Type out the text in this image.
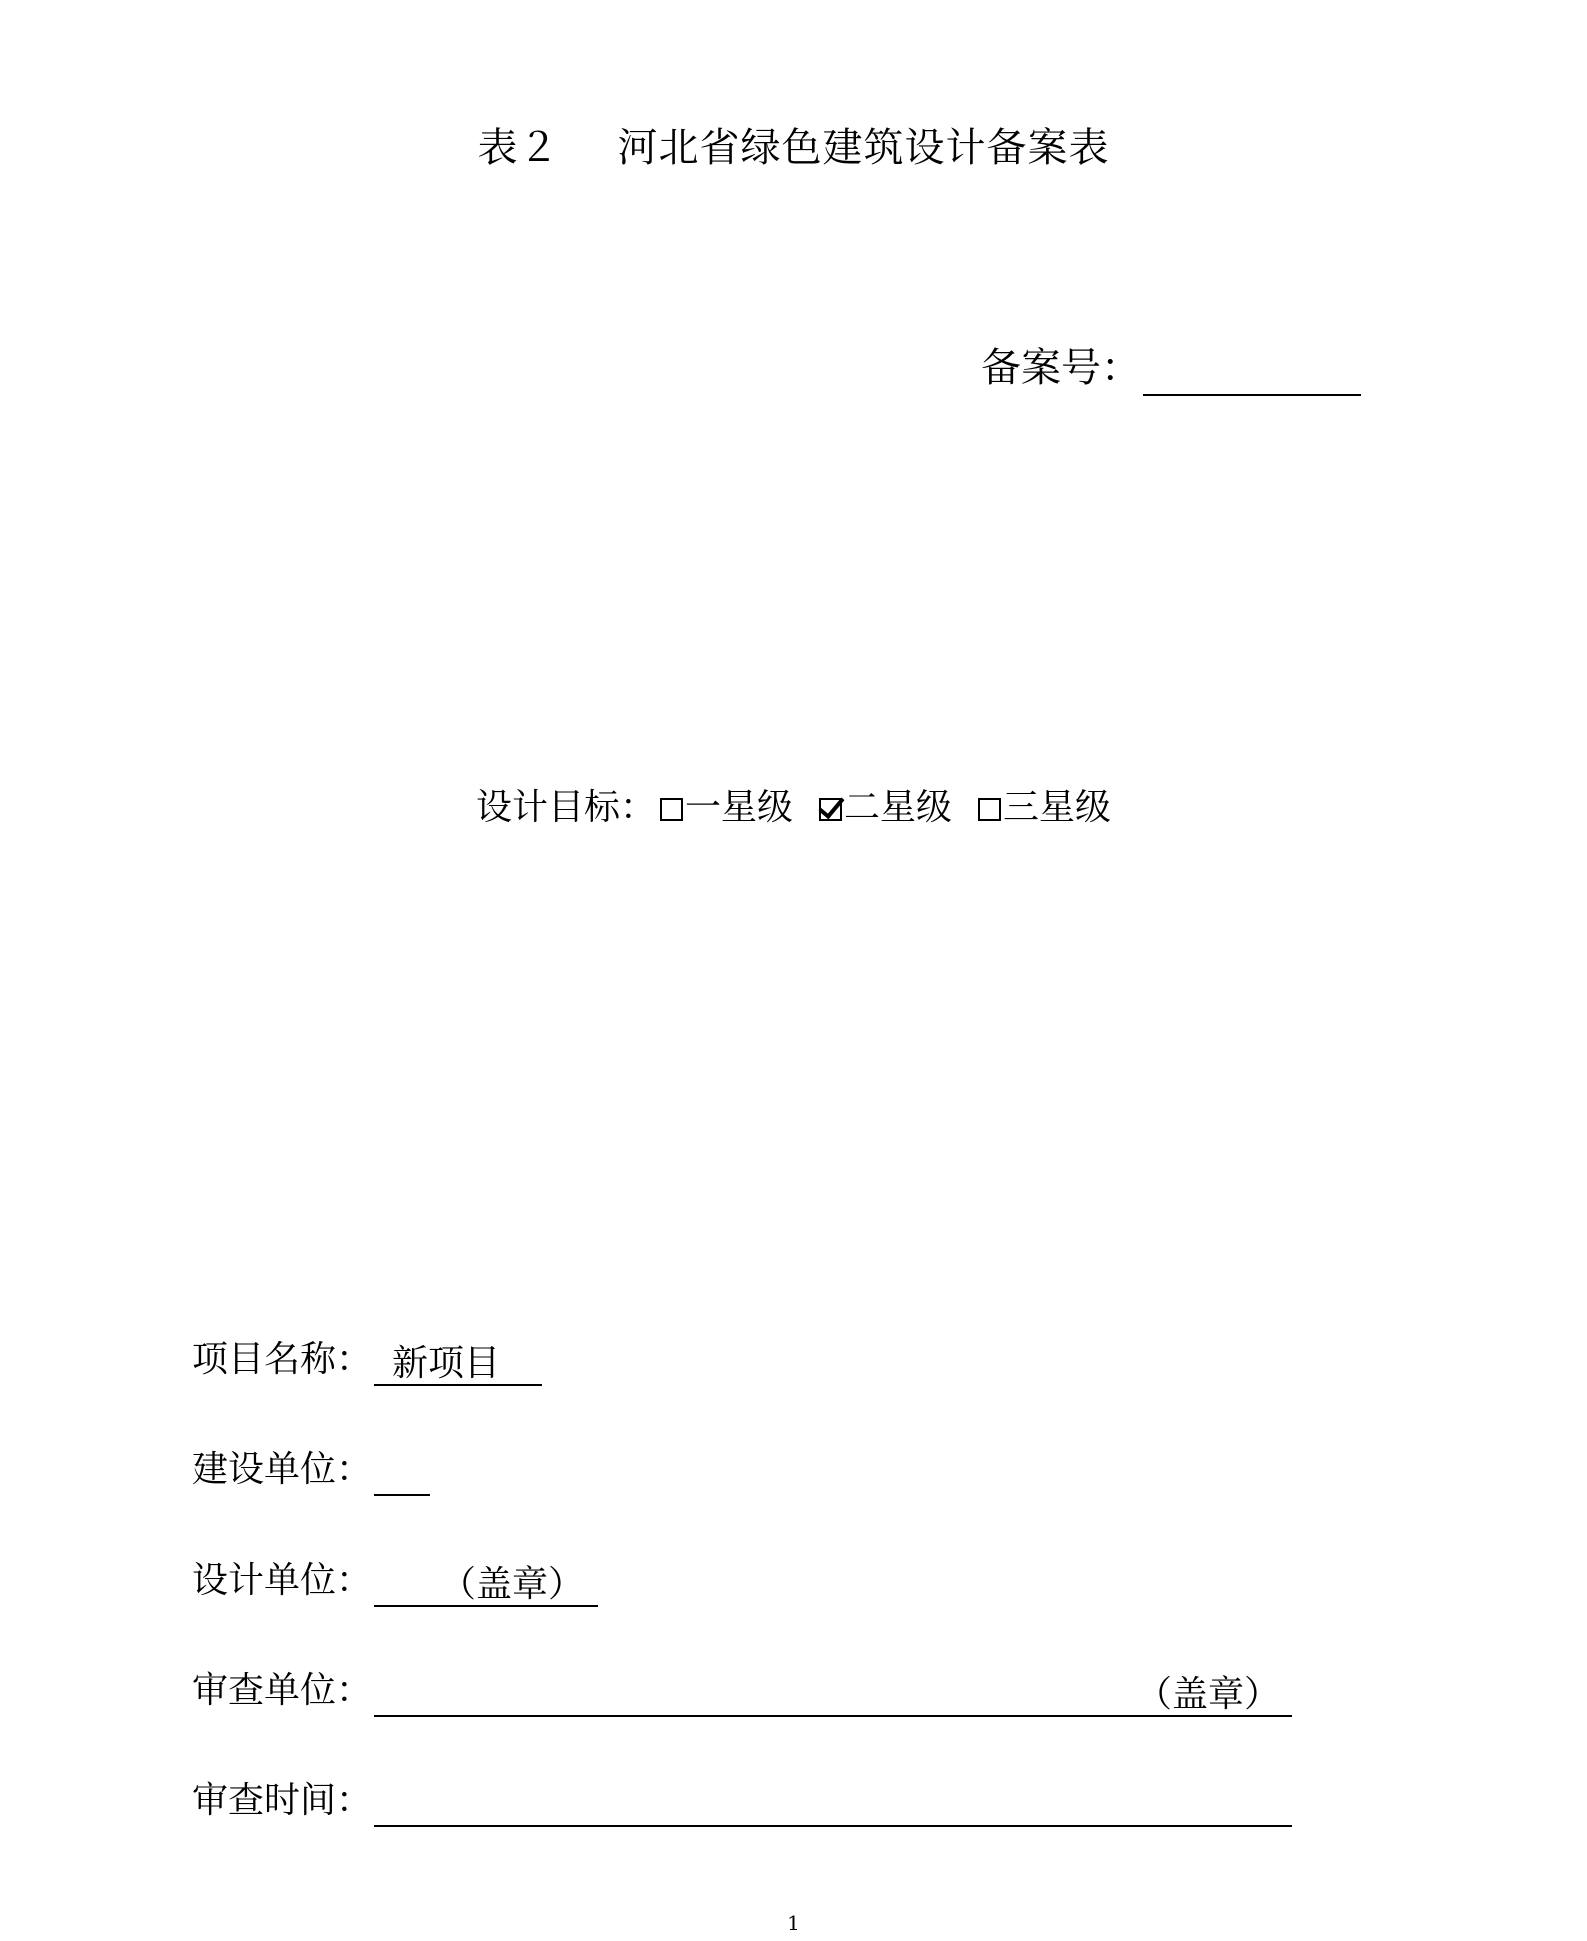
表２ 河北省绿色建筑设计备案表
备案号：
设计目标： 一星级 二星级 三星级
项目名称： 新项目
建设单位：
设计单位：	（盖章）
审查单位：	（盖章）
审查时间：
1
